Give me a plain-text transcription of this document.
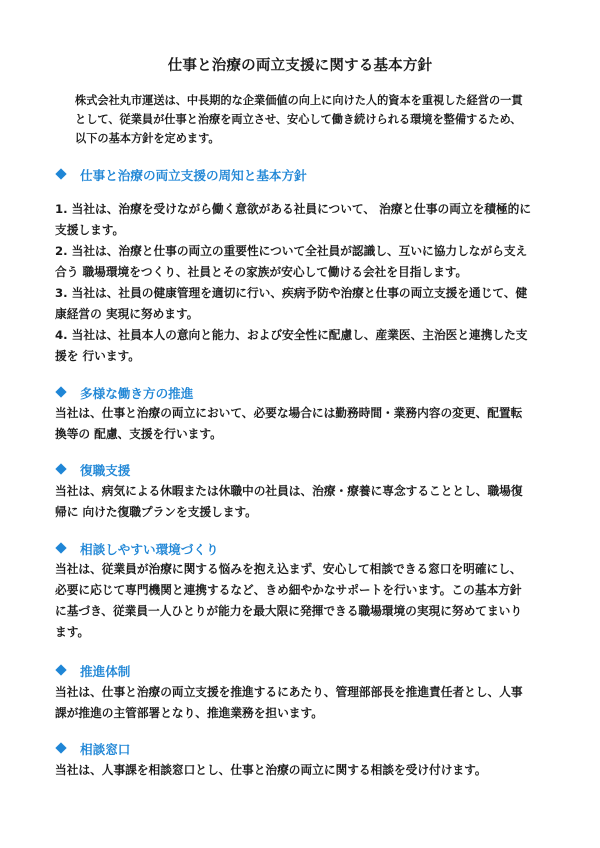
仕事と治療の両立支援に関する基本方針
株式会社丸市運送は、中長期的な企業価値の向上に向けた人的資本を重視した経営の一貫
として、従業員が仕事と治療を両立させ、安心して働き続けられる環境を整備するため、
以下の基本方針を定めます。
仕事と治療の両立支援の周知と基本方針
1. 当社は、治療を受けながら働く意欲がある社員について、 治療と仕事の両立を積極的に
支援します。
2. 当社は、治療と仕事の両立の重要性について全社員が認識し、互いに協力しながら支え
合う 職場環境をつくり、社員とその家族が安心して働ける会社を目指します。
3. 当社は、社員の健康管理を適切に行い、疾病予防や治療と仕事の両立支援を通じて、健
康経営の 実現に努めます。
4. 当社は、社員本人の意向と能力、および安全性に配慮し、産業医、主治医と連携した支
援を 行います。
多様な働き方の推進
当社は、仕事と治療の両立において、必要な場合には勤務時間・業務内容の変更、配置転
換等の 配慮、支援を行います。
復職支援
当社は、病気による休暇または休職中の社員は、治療・療養に専念することとし、職場復
帰に 向けた復職プランを支援します。
相談しやすい環境づくり
当社は、従業員が治療に関する悩みを抱え込まず、安心して相談できる窓口を明確にし、
必要に応じて専門機関と連携するなど、きめ細やかなサポートを行います。この基本方針
に基づき、従業員一人ひとりが能力を最大限に発揮できる職場環境の実現に努めてまいり
ます。
推進体制
当社は、仕事と治療の両立支援を推進するにあたり、管理部部長を推進責任者とし、人事
課が推進の主管部署となり、推進業務を担います。
相談窓口
当社は、人事課を相談窓口とし、仕事と治療の両立に関する相談を受け付けます。
